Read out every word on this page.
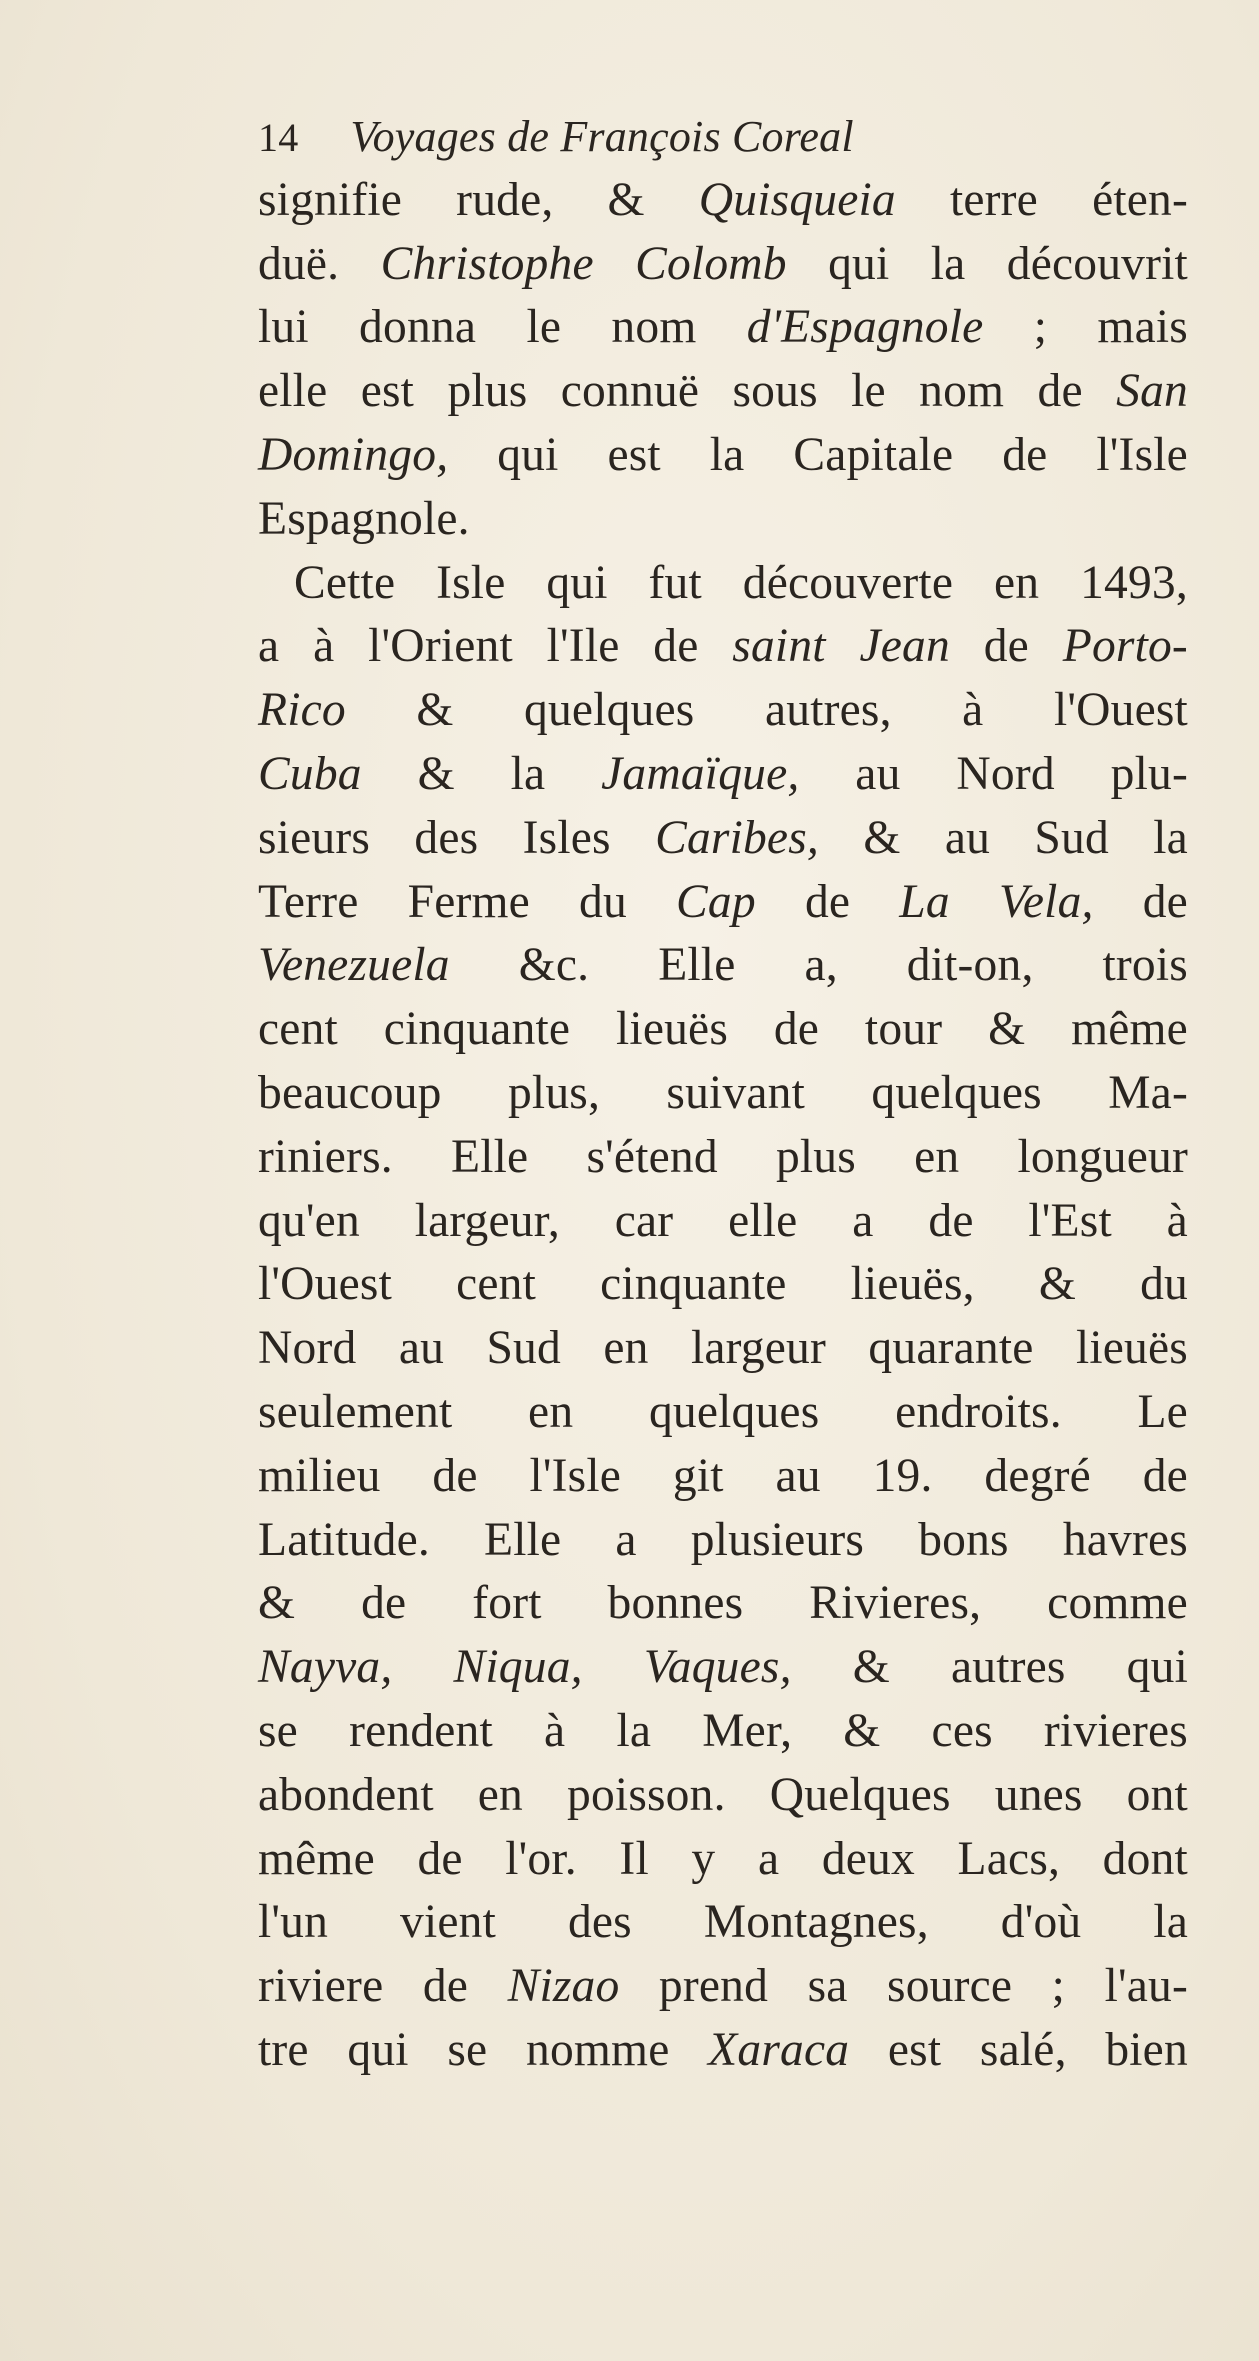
14 Voyages de François Coreal
signifie rude, & Quisqueia terre éten-
duë. Christophe Colomb qui la découvrit
lui donna le nom d'Espagnole ; mais
elle est plus connuë sous le nom de San
Domingo, qui est la Capitale de l'Isle
Espagnole.
Cette Isle qui fut découverte en 1493,
a à l'Orient l'Ile de saint Jean de Porto-
Rico & quelques autres, à l'Ouest
Cuba & la Jamaïque, au Nord plu-
sieurs des Isles Caribes, & au Sud la
Terre Ferme du Cap de La Vela, de
Venezuela &c. Elle a, dit-on, trois
cent cinquante lieuës de tour & même
beaucoup plus, suivant quelques Ma-
riniers. Elle s'étend plus en longueur
qu'en largeur, car elle a de l'Est à
l'Ouest cent cinquante lieuës, & du
Nord au Sud en largeur quarante lieuës
seulement en quelques endroits. Le
milieu de l'Isle git au 19. degré de
Latitude. Elle a plusieurs bons havres
& de fort bonnes Rivieres, comme
Nayva, Niqua, Vaques, & autres qui
se rendent à la Mer, & ces rivieres
abondent en poisson. Quelques unes ont
même de l'or. Il y a deux Lacs, dont
l'un vient des Montagnes, d'où la
riviere de Nizao prend sa source ; l'au-
tre qui se nomme Xaraca est salé, bien
